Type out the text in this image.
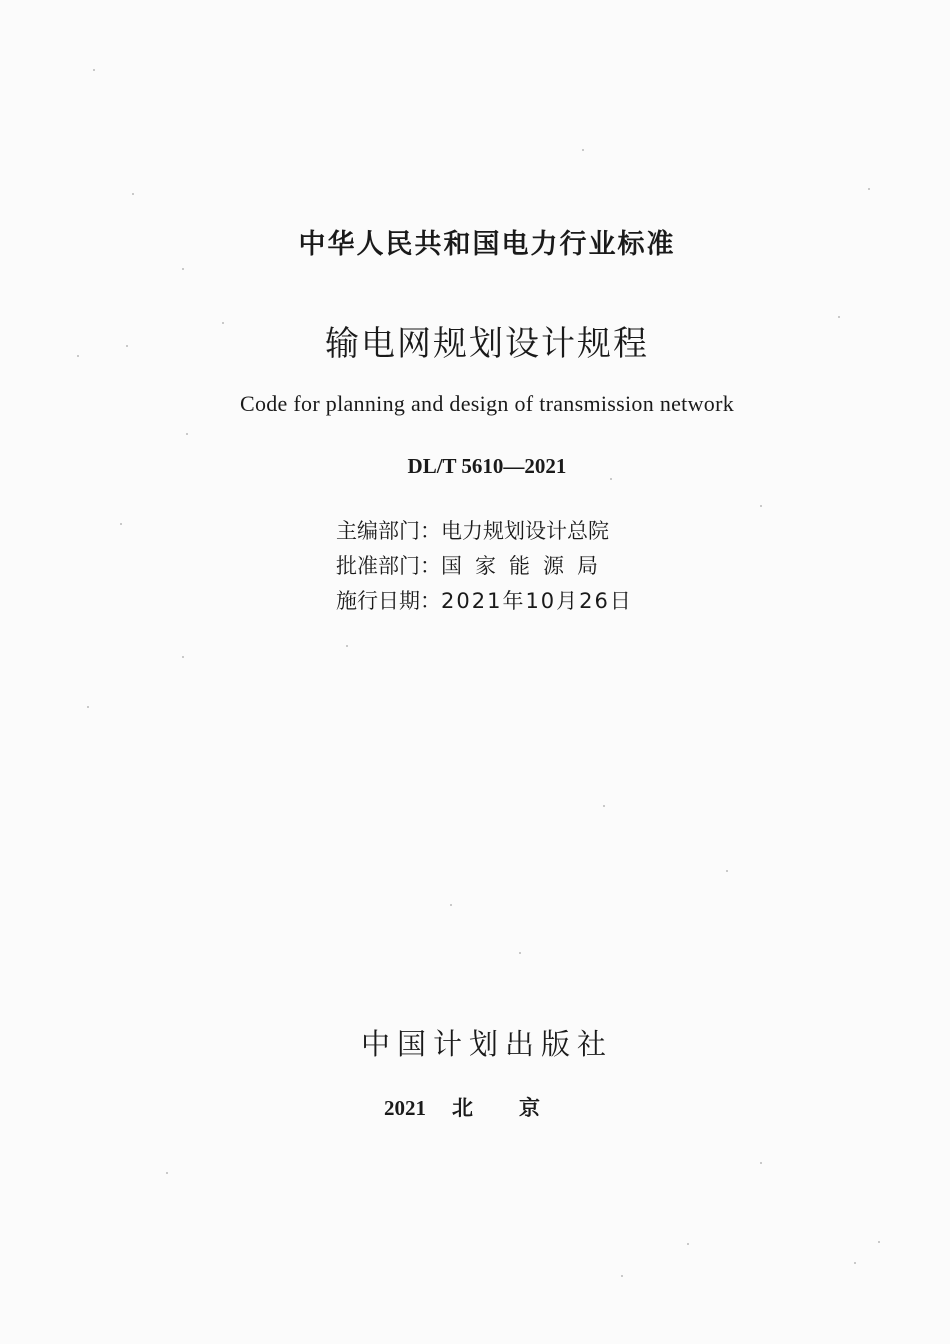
中华人民共和国电力行业标准
输电网规划设计规程
Code for planning and design of transmission network
DL/T 5610—2021
主编部门：电力规划设计总院
批准部门：国家能源局
施行日期：2021年10月26日
中国计划出版社
2021 北京
